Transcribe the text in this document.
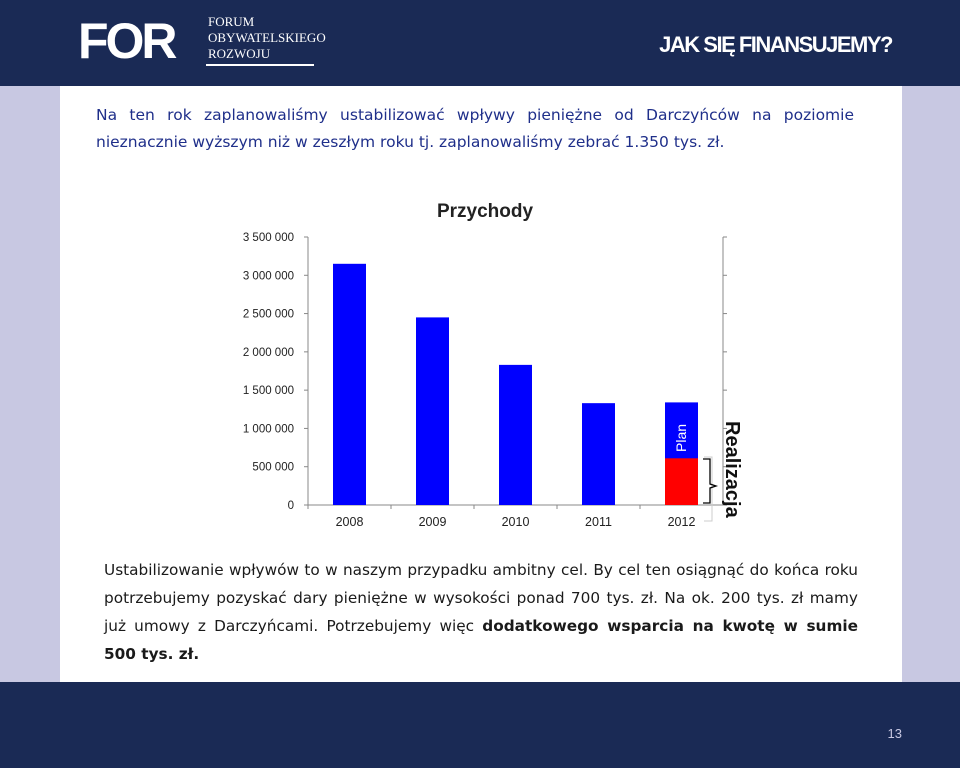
FOR	FORUM
OBYWATELSKIEGO
ROZWOJU	JAK SIĘ FINANSUJEMY?
Na ten rok zaplanowaliśmy ustabilizować wpływy pieniężne od Darczyńców na poziomie nieznacznie wyższym niż w zeszłym roku tj. zaplanowaliśmy zebrać 1.350 tys. zł.
Przychody
0
500 000
1 000 000
1 500 000
2 000 000
2 500 000
3 000 000
3 500 000
2008	2009	2010	2011	2012
Plan Realizacja
Ustabilizowanie wpływów to w naszym przypadku ambitny cel. By cel ten osiągnąć do końca roku potrzebujemy pozyskać dary pieniężne w wysokości ponad 700 tys. zł. Na ok. 200 tys. zł mamy już umowy z Darczyńcami. Potrzebujemy więc dodatkowego wsparcia na kwotę w sumie 500 tys. zł.
13
